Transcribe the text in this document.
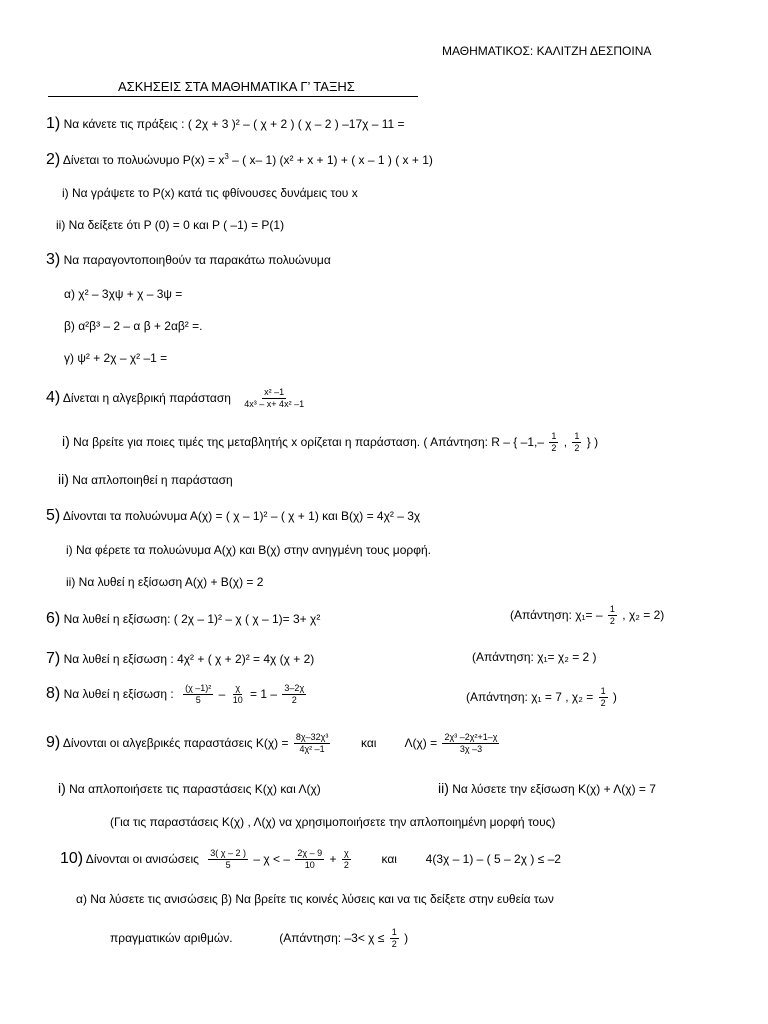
ΜΑΘΗΜΑΤΙΚΟΣ: ΚΑΛΙΤΖΗ ΔΕΣΠΟΙΝΑ
ΑΣΚΗΣΕΙΣ ΣΤΑ ΜΑΘΗΜΑΤΙΚΑ Γ’ ΤΑΞΗΣ
1) Να κάνετε τις πράξεις : ( 2χ + 3 )² – ( χ + 2 ) ( χ – 2 ) –17χ – 11 =
2) Δίνεται το πολυώνυμο $P(x) = x^3$ – ( x– 1) (x² + x + 1) + ( x – 1 ) ( x + 1)
i) Να γράψετε το P(x) κατά τις φθίνουσες δυνάμεις του x
ii) Να δείξετε ότι P (0) = 0 και P ( –1) = P(1)
3) Να παραγοντοποιηθούν τα παρακάτω πολυώνυμα
α) χ² – 3χψ + χ – 3ψ =
β) α²β³ – 2 – α β + 2αβ² =.
γ) ψ² + 2χ – χ² –1 =
4) Δίνεται η αλγεβρική παράσταση $\frac{\text{x² –1}}{\text{4x³ – x+ 4x² –1}}$
i) Να βρείτε για ποιες τιμές της μεταβλητής x ορίζεται η παράσταση. ( Απάντηση: R – { $-1,- \frac{1}{2}$ , $\frac{1}{2}$ } )
ii) Να απλοποιηθεί η παράσταση
5) Δίνονται τα πολυώνυμα Α(χ) = ( χ – 1)² – ( χ + 1) και Β(χ) = 4χ² – 3χ
i) Να φέρετε τα πολυώνυμα Α(χ) και Β(χ) στην ανηγμένη τους μορφή.
ii) Να λυθεί η εξίσωση Α(χ) + Β(χ) = 2
6) Να λυθεί η εξίσωση: ( 2χ – 1)² – χ ( χ – 1)= 3+ χ²	(Απάντηση: $\chi_1= - \frac{1}{2}$ , χ₂ = 2)
7) Να λυθεί η εξίσωση : 4χ² + ( χ + 2)² = 4χ (χ + 2)	(Απάντηση: χ₁= χ₂ = 2 )
8) Να λυθεί η εξίσωση : $\frac{\text{(χ –1)²}}{5} - \frac{\chi}{10} = 1 - \frac{3-2\chi}{2}$	(Απάντηση: χ₁ = 7 , $\chi_2 = \frac{1}{2}$ )
9) Δίνονται οι αλγεβρικές παραστάσεις $K(\chi) = \frac{\text{8χ–32χ³}}{\text{4χ² –1}}$	και $\Lambda(\chi) = \frac{\text{2χ³ –2χ²+1–χ}}{3\chi -3}$
i) Να απλοποιήσετε τις παραστάσεις Κ(χ) και Λ(χ)	ii) Να λύσετε την εξίσωση Κ(χ) + Λ(χ) = 7
(Για τις παραστάσεις Κ(χ) , Λ(χ) να χρησιμοποιήσετε την απλοποιημένη μορφή τους)
10) Δίνονται οι ανισώσεις $\frac{3( \chi - 2 )}{5}$ – χ < – $\frac{2\chi - 9}{10} + \frac{\chi}{2}$	και 4(3χ – 1) – ( 5 – 2χ ) ≤ –2
α) Να λύσετε τις ανισώσεις β) Να βρείτε τις κοινές λύσεις και να τις δείξετε στην ευθεία των
πραγματικών αριθμών.	(Απάντηση: $-3< \chi \le \frac{1}{2}$ )
